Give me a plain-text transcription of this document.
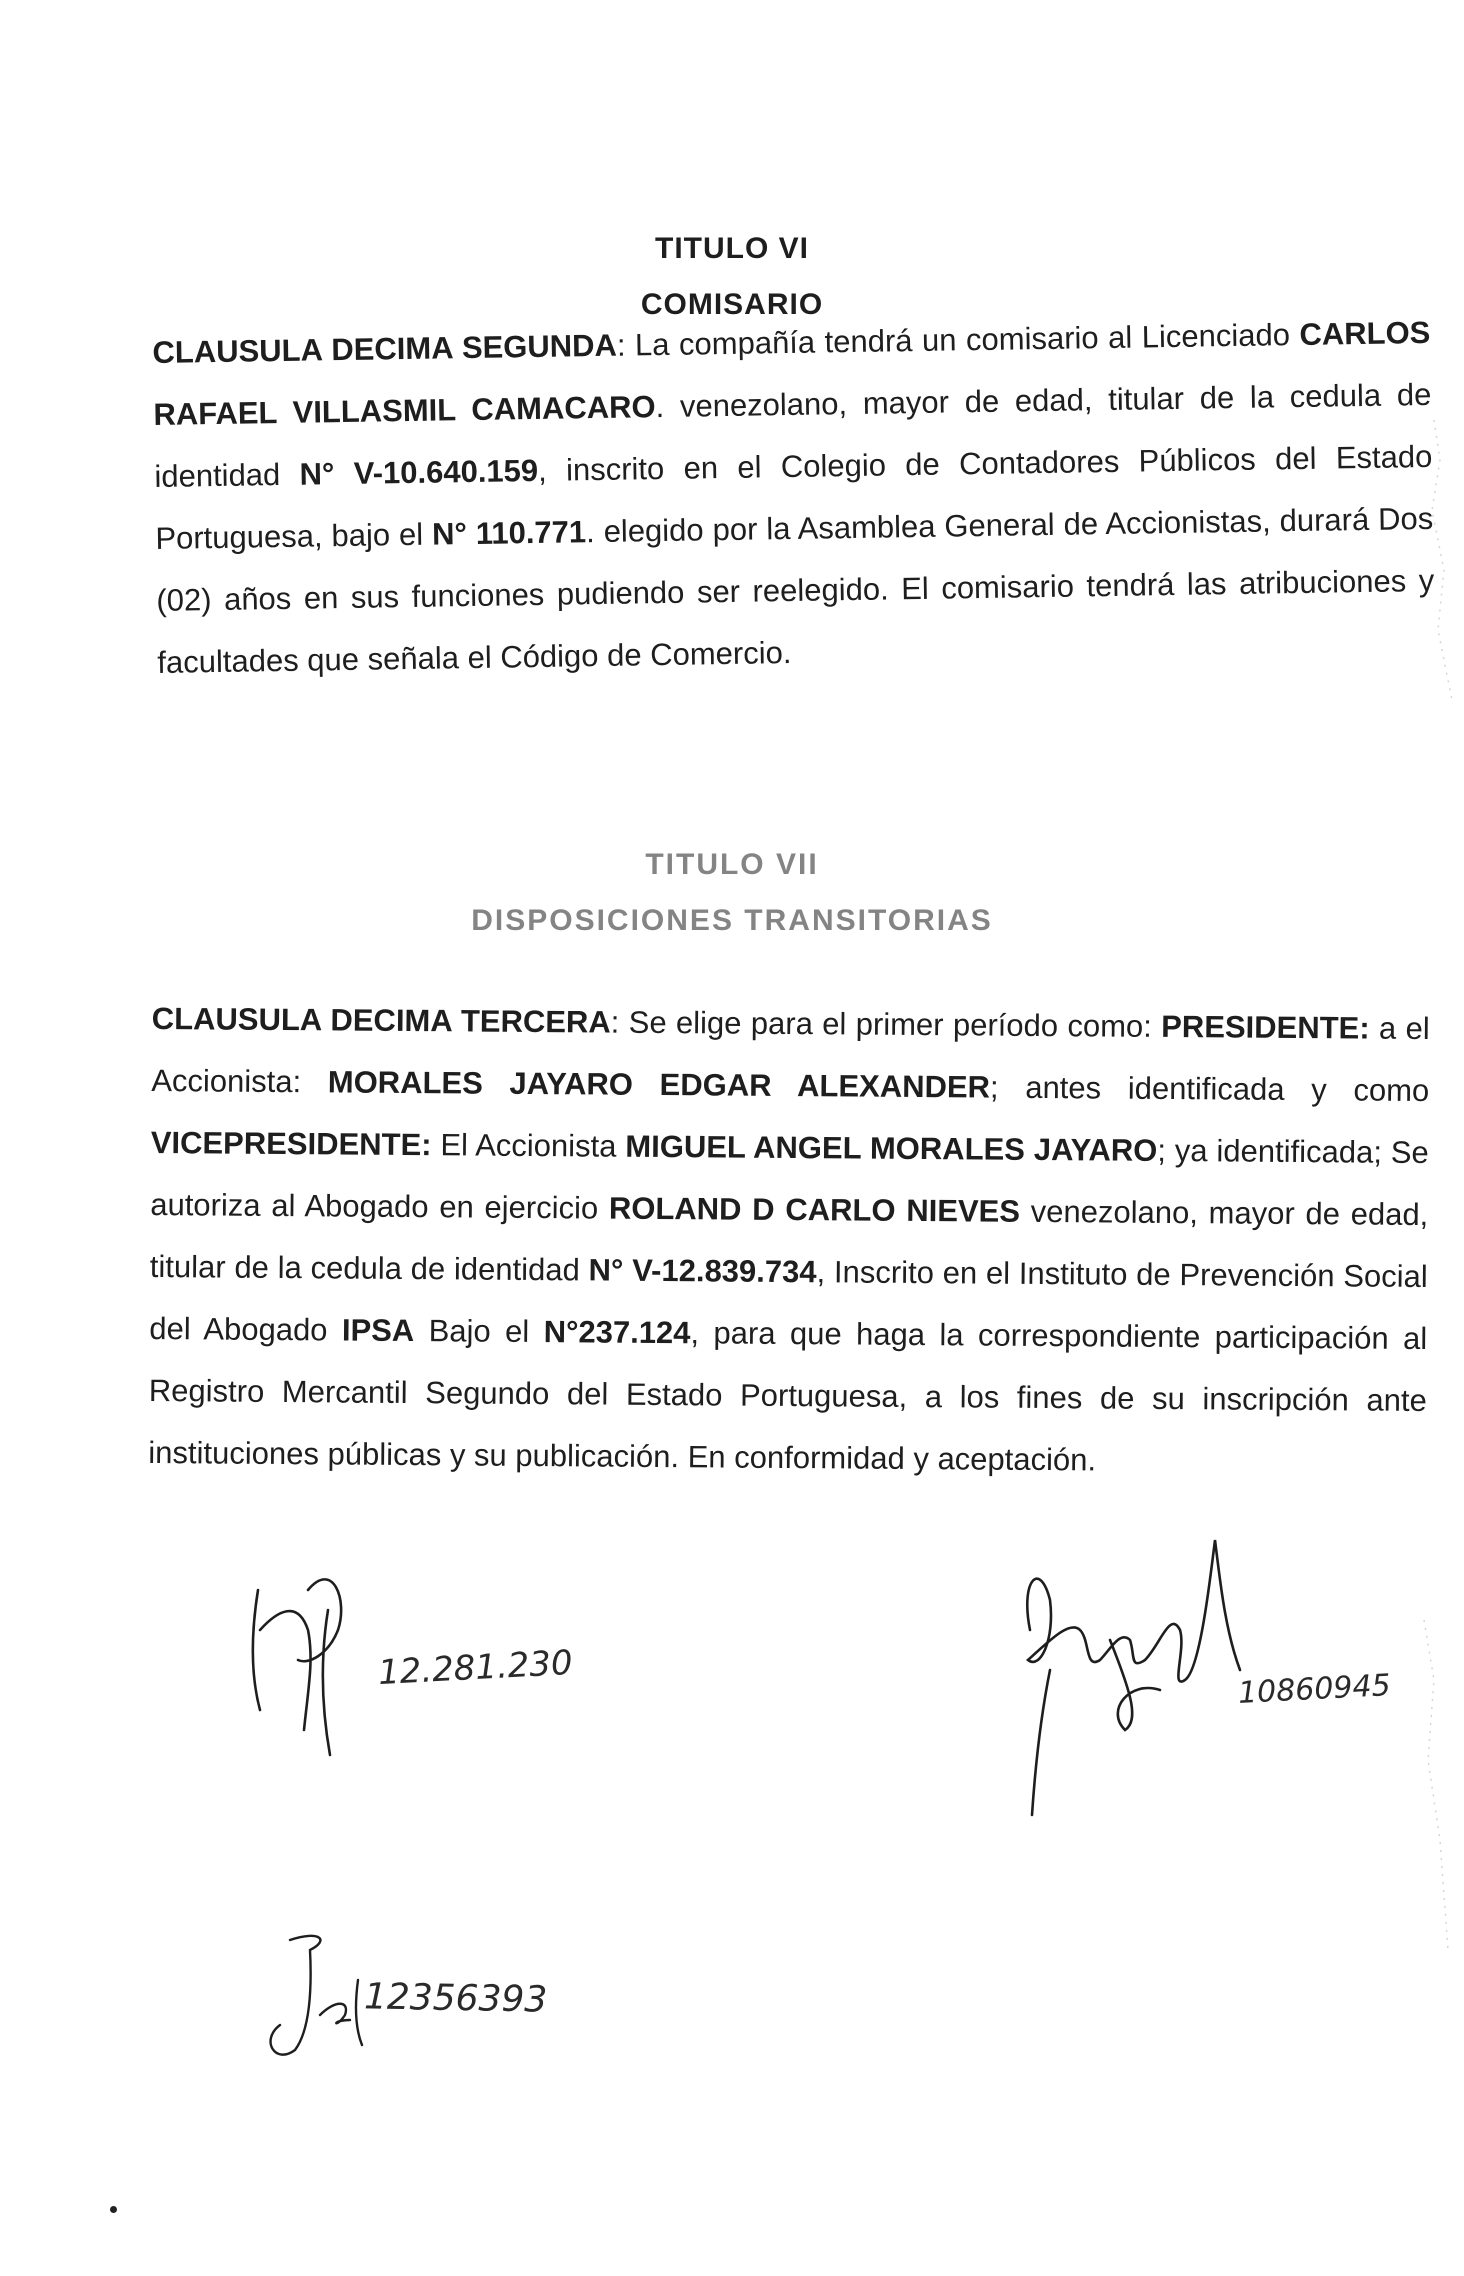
TITULO VI
COMISARIO
CLAUSULA DECIMA SEGUNDA: La compañía tendrá un comisario al Licenciado CARLOS RAFAEL VILLASMIL CAMACARO. venezolano, mayor de edad, titular de la cedula de identidad N° V-10.640.159, inscrito en el Colegio de Contadores Públicos del Estado Portuguesa, bajo el N° 110.771. elegido por la Asamblea General de Accionistas, durará Dos (02) años en sus funciones pudiendo ser reelegido. El comisario tendrá las atribuciones y facultades que señala el Código de Comercio.
TITULO VII
DISPOSICIONES TRANSITORIAS
CLAUSULA DECIMA TERCERA: Se elige para el primer período como: PRESIDENTE: a el Accionista: MORALES JAYARO EDGAR ALEXANDER; antes identificada y como VICEPRESIDENTE: El Accionista MIGUEL ANGEL MORALES JAYARO; ya identificada; Se autoriza al Abogado en ejercicio ROLAND D CARLO NIEVES venezolano, mayor de edad, titular de la cedula de identidad N° V-12.839.734, Inscrito en el Instituto de Prevención Social del Abogado IPSA Bajo el N°237.124, para que haga la correspondiente participación al Registro Mercantil Segundo del Estado Portuguesa, a los fines de su inscripción ante instituciones públicas y su publicación. En conformidad y aceptación.
12.281.230	10860945
12356393
